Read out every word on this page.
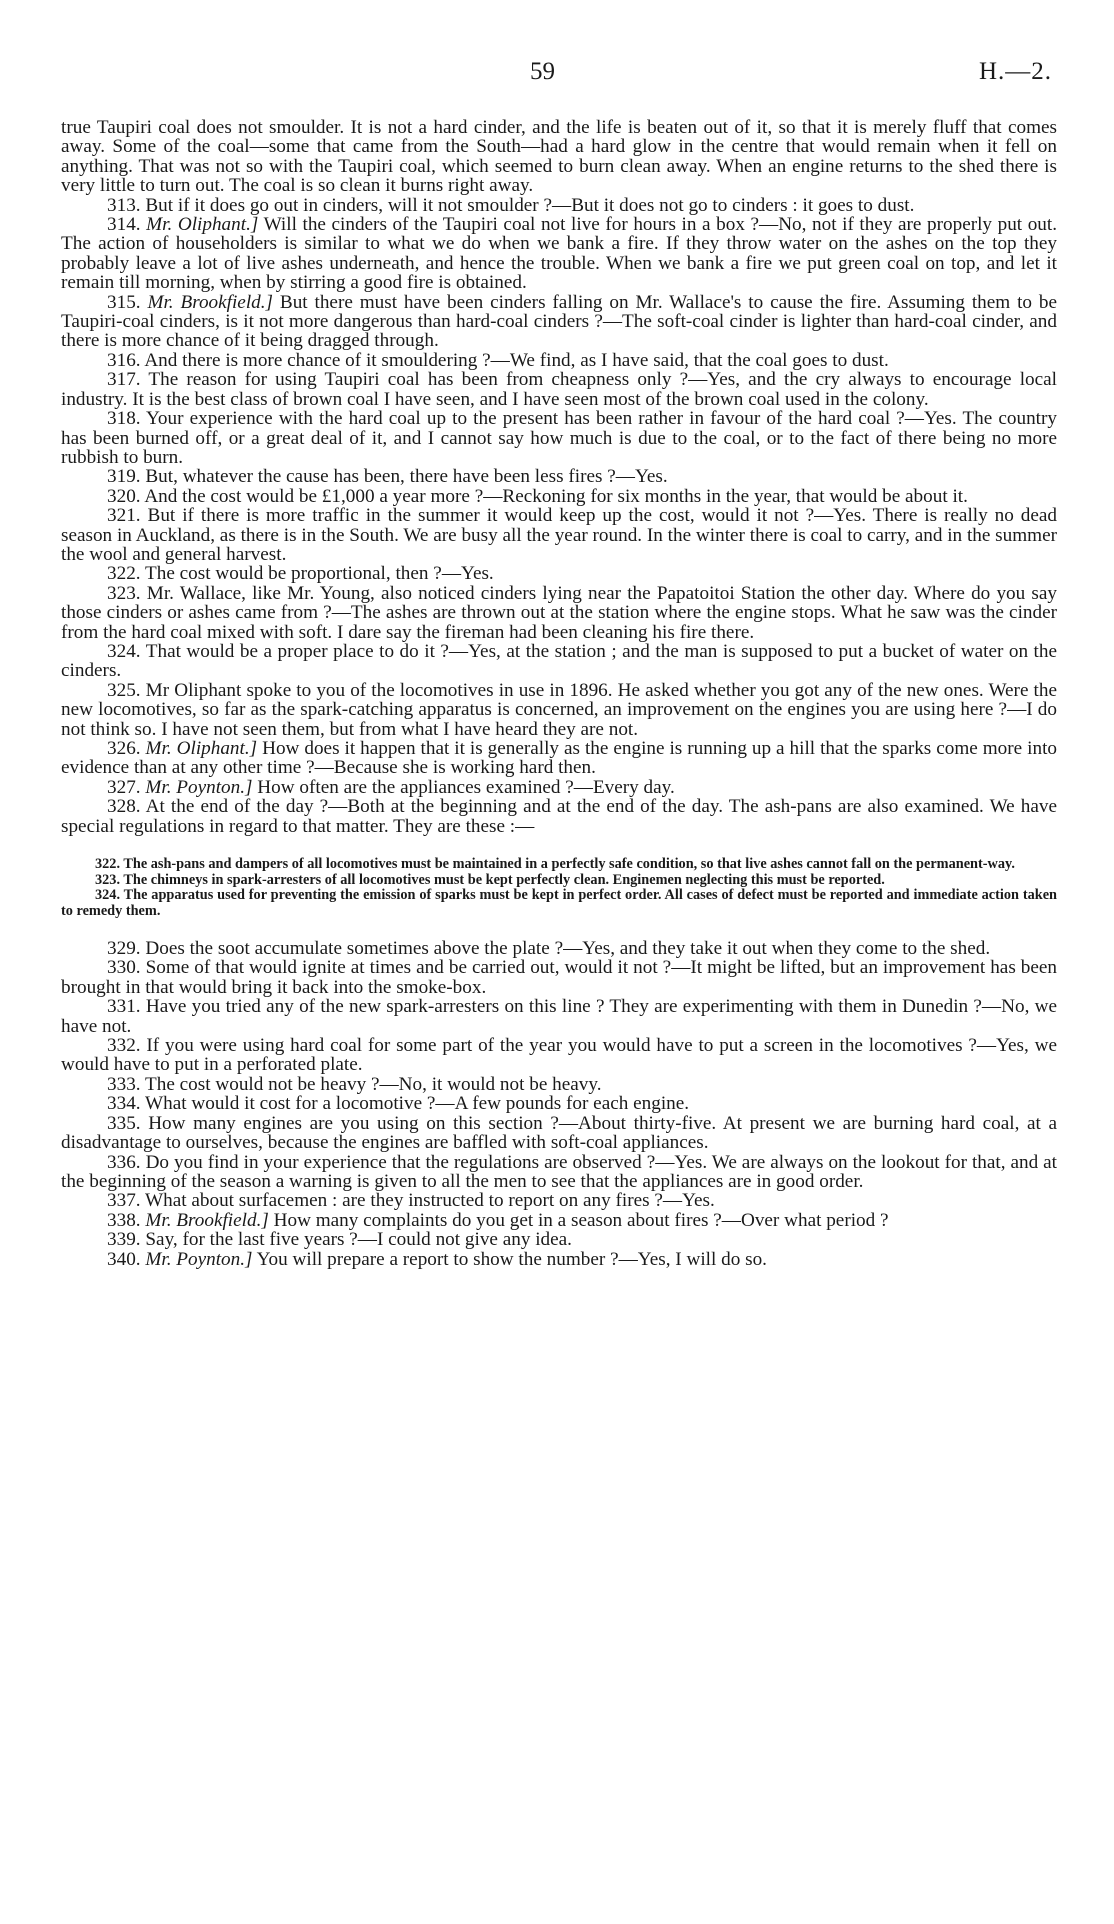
59	H.—2.

true Taupiri coal does not smoulder. It is not a hard cinder, and the life is beaten out of it, so that it is merely fluff that comes away. Some of the coal—some that came from the South—had a hard glow in the centre that would remain when it fell on anything. That was not so with the Taupiri coal, which seemed to burn clean away. When an engine returns to the shed there is very little to turn out. The coal is so clean it burns right away.

313. But if it does go out in cinders, will it not smoulder ?—But it does not go to cinders : it goes to dust.

314. Mr. Oliphant.] Will the cinders of the Taupiri coal not live for hours in a box ?—No, not if they are properly put out. The action of householders is similar to what we do when we bank a fire. If they throw water on the ashes on the top they probably leave a lot of live ashes underneath, and hence the trouble. When we bank a fire we put green coal on top, and let it remain till morning, when by stirring a good fire is obtained.

315. Mr. Brookfield.] But there must have been cinders falling on Mr. Wallace's to cause the fire. Assuming them to be Taupiri-coal cinders, is it not more dangerous than hard-coal cinders ?—The soft-coal cinder is lighter than hard-coal cinder, and there is more chance of it being dragged through.

316. And there is more chance of it smouldering ?—We find, as I have said, that the coal goes to dust.

317. The reason for using Taupiri coal has been from cheapness only ?—Yes, and the cry always to encourage local industry. It is the best class of brown coal I have seen, and I have seen most of the brown coal used in the colony.

318. Your experience with the hard coal up to the present has been rather in favour of the hard coal ?—Yes. The country has been burned off, or a great deal of it, and I cannot say how much is due to the coal, or to the fact of there being no more rubbish to burn.

319. But, whatever the cause has been, there have been less fires ?—Yes.

320. And the cost would be £1,000 a year more ?—Reckoning for six months in the year, that would be about it.

321. But if there is more traffic in the summer it would keep up the cost, would it not ?—Yes. There is really no dead season in Auckland, as there is in the South. We are busy all the year round. In the winter there is coal to carry, and in the summer the wool and general harvest.

322. The cost would be proportional, then ?—Yes.

323. Mr. Wallace, like Mr. Young, also noticed cinders lying near the Papatoitoi Station the other day. Where do you say those cinders or ashes came from ?—The ashes are thrown out at the station where the engine stops. What he saw was the cinder from the hard coal mixed with soft. I dare say the fireman had been cleaning his fire there.

324. That would be a proper place to do it ?—Yes, at the station ; and the man is supposed to put a bucket of water on the cinders.

325. Mr Oliphant spoke to you of the locomotives in use in 1896. He asked whether you got any of the new ones. Were the new locomotives, so far as the spark-catching apparatus is concerned, an improvement on the engines you are using here ?—I do not think so. I have not seen them, but from what I have heard they are not.

326. Mr. Oliphant.] How does it happen that it is generally as the engine is running up a hill that the sparks come more into evidence than at any other time ?—Because she is working hard then.

327. Mr. Poynton.] How often are the appliances examined ?—Every day.

328. At the end of the day ?—Both at the beginning and at the end of the day. The ash-pans are also examined. We have special regulations in regard to that matter. They are these :—

322. The ash-pans and dampers of all locomotives must be maintained in a perfectly safe condition, so that live ashes cannot fall on the permanent-way.

323. The chimneys in spark-arresters of all locomotives must be kept perfectly clean. Enginemen neglecting this must be reported.

324. The apparatus used for preventing the emission of sparks must be kept in perfect order. All cases of defect must be reported and immediate action taken to remedy them.

329. Does the soot accumulate sometimes above the plate ?—Yes, and they take it out when they come to the shed.

330. Some of that would ignite at times and be carried out, would it not ?—It might be lifted, but an improvement has been brought in that would bring it back into the smoke-box.

331. Have you tried any of the new spark-arresters on this line ? They are experimenting with them in Dunedin ?—No, we have not.

332. If you were using hard coal for some part of the year you would have to put a screen in the locomotives ?—Yes, we would have to put in a perforated plate.

333. The cost would not be heavy ?—No, it would not be heavy.

334. What would it cost for a locomotive ?—A few pounds for each engine.

335. How many engines are you using on this section ?—About thirty-five. At present we are burning hard coal, at a disadvantage to ourselves, because the engines are baffled with soft-coal appliances.

336. Do you find in your experience that the regulations are observed ?—Yes. We are always on the lookout for that, and at the beginning of the season a warning is given to all the men to see that the appliances are in good order.

337. What about surfacemen : are they instructed to report on any fires ?—Yes.

338. Mr. Brookfield.] How many complaints do you get in a season about fires ?—Over what period ?

339. Say, for the last five years ?—I could not give any idea.

340. Mr. Poynton.] You will prepare a report to show the number ?—Yes, I will do so.
